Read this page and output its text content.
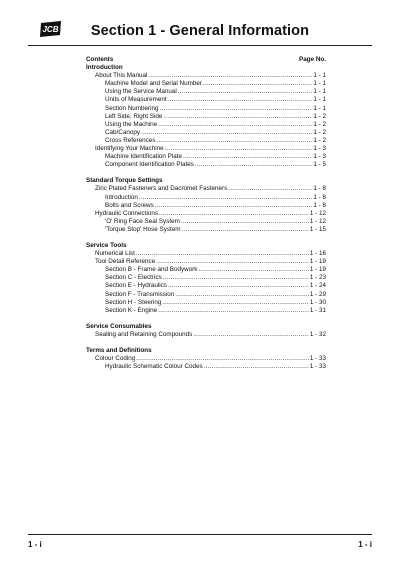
JCB	Section 1 - General Information
Contents	Page No.
Introduction
About This Manual .....	1 - 1
Machine Model and Serial Number .....	1 - 1
Using the Service Manual .....	1 - 1
Units of Measurement .....	1 - 1
Section Numbering .....	1 - 1
Left Side, Right Side .....	1 - 2
Using the Machine .....	1 - 2
Cab/Canopy .....	1 - 2
Cross References .....	1 - 2
Identifying Your Machine .....	1 - 3
Machine Identification Plate .....	1 - 3
Component Identification Plates .....	1 - 5
Standard Torque Settings
Zinc Plated Fasteners and Dacromet Fasteners .....	1 - 8
Introduction .....	1 - 8
Bolts and Screws .....	1 - 8
Hydraulic Connections .....	1 - 12
'O' Ring Face Seal System .....	1 - 12
'Torque Stop' Hose System .....	1 - 15
Service Tools
Numerical List .....	1 - 16
Tool Detail Reference .....	1 - 19
Section B - Frame and Bodywork .....	1 - 19
Section C - Electrics .....	1 - 23
Section E - Hydraulics .....	1 - 24
Section F - Transmission .....	1 - 29
Section H - Steering .....	1 - 30
Section K - Engine .....	1 - 31
Service Consumables
Sealing and Retaining Compounds .....	1 - 32
Terms and Definitions
Colour Coding .....	1 - 33
Hydraulic Schematic Colour Codes .....	1 - 33
1 - i	1 - i
